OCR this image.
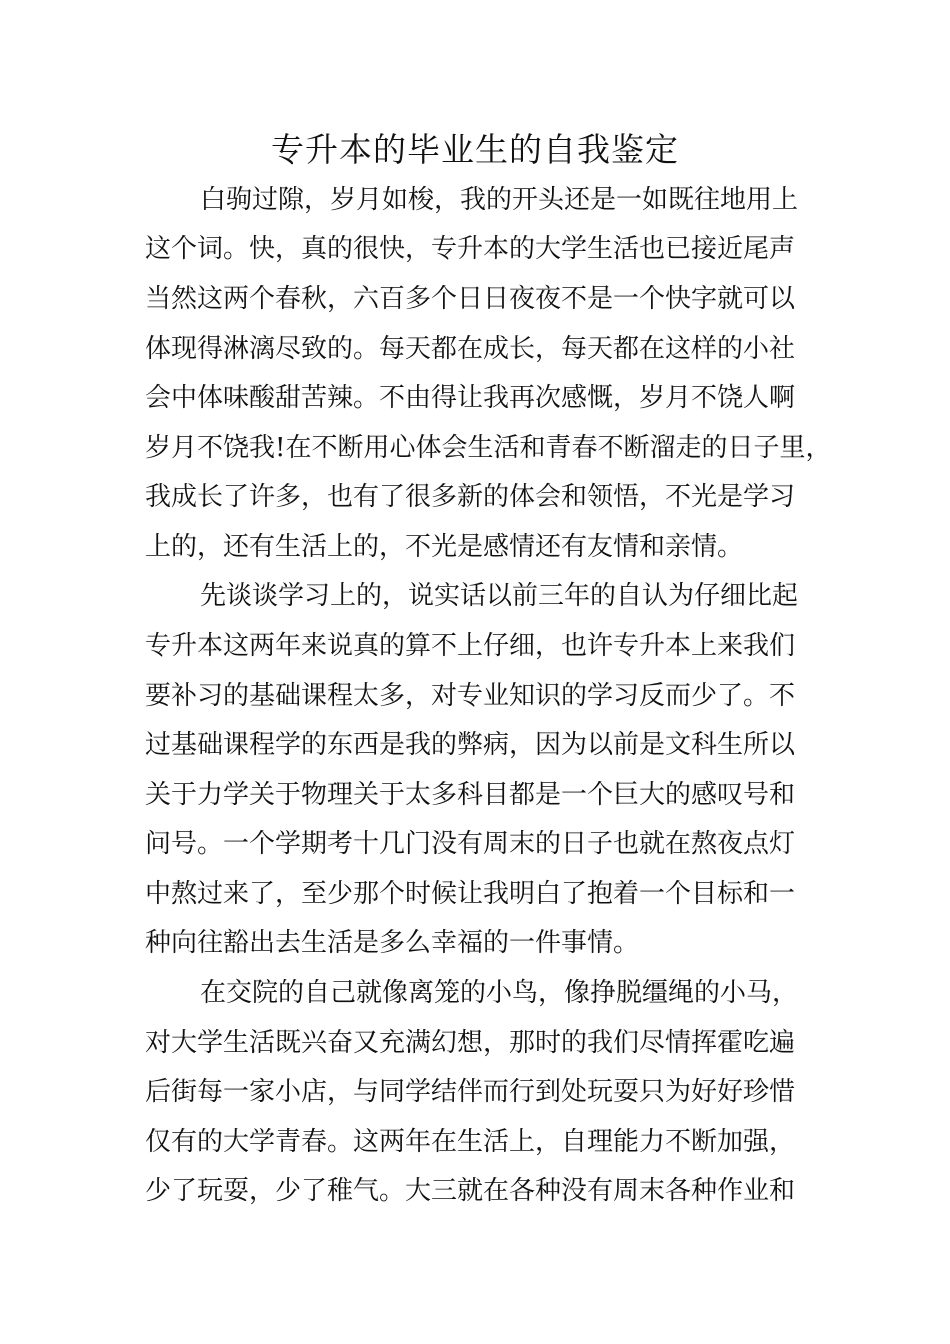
专升本的毕业生的自我鉴定
白驹过隙，岁月如梭，我的开头还是一如既往地用上
这个词。快，真的很快，专升本的大学生活也已接近尾声
当然这两个春秋，六百多个日日夜夜不是一个快字就可以
体现得淋漓尽致的。每天都在成长，每天都在这样的小社
会中体味酸甜苦辣。不由得让我再次感慨，岁月不饶人啊
岁月不饶我!在不断用心体会生活和青春不断溜走的日子里，
我成长了许多，也有了很多新的体会和领悟，不光是学习
上的，还有生活上的，不光是感情还有友情和亲情。
先谈谈学习上的，说实话以前三年的自认为仔细比起
专升本这两年来说真的算不上仔细，也许专升本上来我们
要补习的基础课程太多，对专业知识的学习反而少了。不
过基础课程学的东西是我的弊病，因为以前是文科生所以
关于力学关于物理关于太多科目都是一个巨大的感叹号和
问号。一个学期考十几门没有周末的日子也就在熬夜点灯
中熬过来了，至少那个时候让我明白了抱着一个目标和一
种向往豁出去生活是多么幸福的一件事情。
在交院的自己就像离笼的小鸟，像挣脱缰绳的小马，
对大学生活既兴奋又充满幻想，那时的我们尽情挥霍吃遍
后街每一家小店，与同学结伴而行到处玩耍只为好好珍惜
仅有的大学青春。这两年在生活上，自理能力不断加强，
少了玩耍，少了稚气。大三就在各种没有周末各种作业和
